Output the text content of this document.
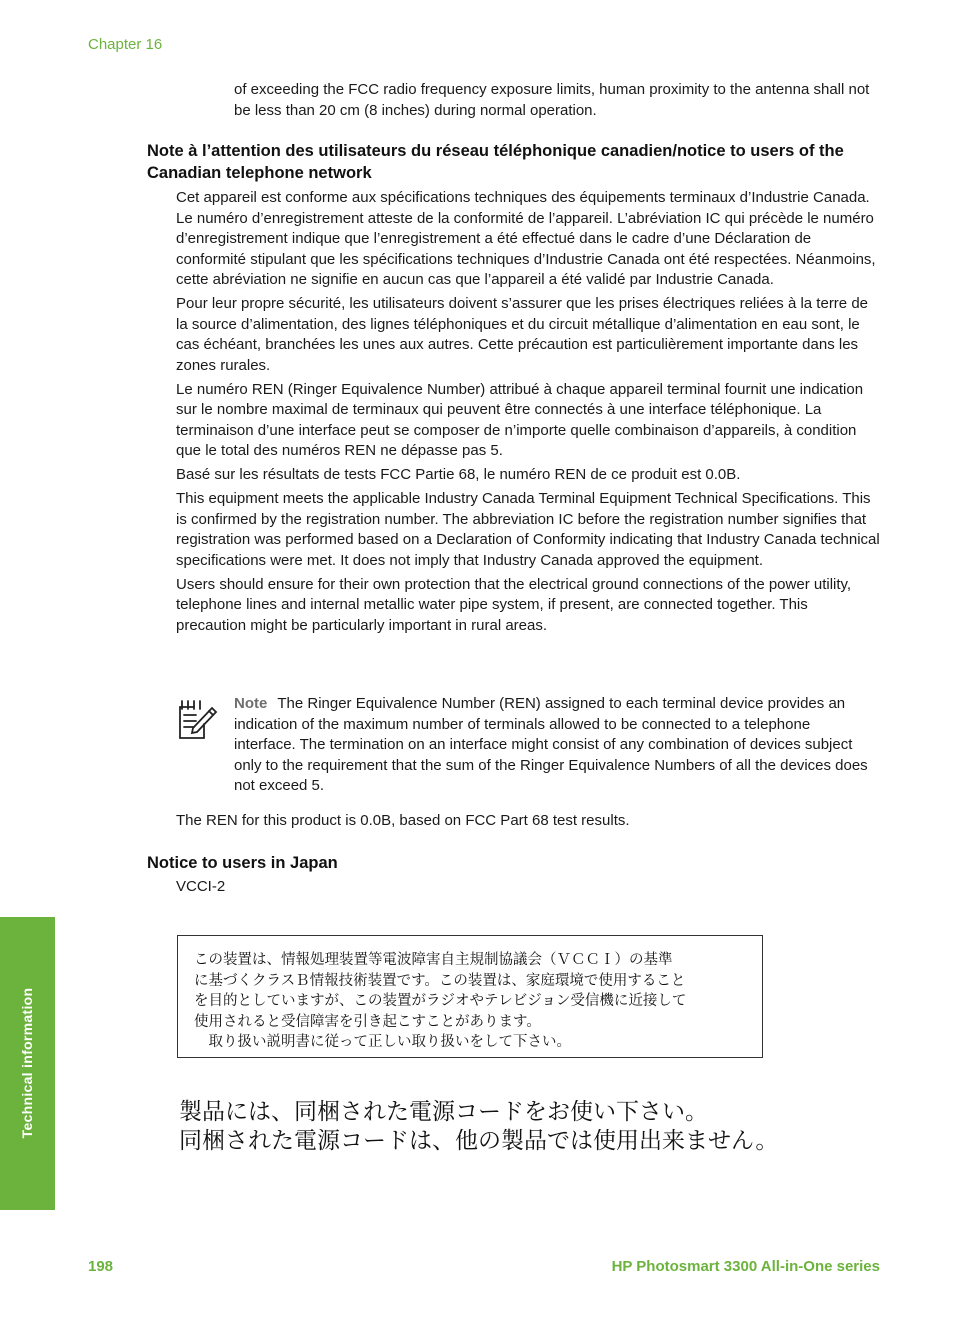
Chapter 16
of exceeding the FCC radio frequency exposure limits, human proximity to the antenna shall not be less than 20 cm (8 inches) during normal operation.
Note à l’attention des utilisateurs du réseau téléphonique canadien/notice to users of the Canadian telephone network

Cet appareil est conforme aux spécifications techniques des équipements terminaux d’Industrie Canada. Le numéro d’enregistrement atteste de la conformité de l’appareil. L’abréviation IC qui précède le numéro d’enregistrement indique que l’enregistrement a été effectué dans le cadre d’une Déclaration de conformité stipulant que les spécifications techniques d’Industrie Canada ont été respectées. Néanmoins, cette abréviation ne signifie en aucun cas que l’appareil a été validé par Industrie Canada.

Pour leur propre sécurité, les utilisateurs doivent s’assurer que les prises électriques reliées à la terre de la source d’alimentation, des lignes téléphoniques et du circuit métallique d’alimentation en eau sont, le cas échéant, branchées les unes aux autres. Cette précaution est particulièrement importante dans les zones rurales.

Le numéro REN (Ringer Equivalence Number) attribué à chaque appareil terminal fournit une indication sur le nombre maximal de terminaux qui peuvent être connectés à une interface téléphonique. La terminaison d’une interface peut se composer de n’importe quelle combinaison d’appareils, à condition que le total des numéros REN ne dépasse pas 5.

Basé sur les résultats de tests FCC Partie 68, le numéro REN de ce produit est 0.0B.

This equipment meets the applicable Industry Canada Terminal Equipment Technical Specifications. This is confirmed by the registration number. The abbreviation IC before the registration number signifies that registration was performed based on a Declaration of Conformity indicating that Industry Canada technical specifications were met. It does not imply that Industry Canada approved the equipment.

Users should ensure for their own protection that the electrical ground connections of the power utility, telephone lines and internal metallic water pipe system, if present, are connected together. This precaution might be particularly important in rural areas.

Note The Ringer Equivalence Number (REN) assigned to each terminal device provides an indication of the maximum number of terminals allowed to be connected to a telephone interface. The termination on an interface might consist of any combination of devices subject only to the requirement that the sum of the Ringer Equivalence Numbers of all the devices does not exceed 5.
The REN for this product is 0.0B, based on FCC Part 68 test results.
Notice to users in Japan
VCCI-2
この装置は、情報処理装置等電波障害自主規制協議会（ＶＣＣＩ）の基準
に基づくクラスＢ情報技術装置です。この装置は、家庭環境で使用すること
を目的としていますが、この装置がラジオやテレビジョン受信機に近接して
使用されると受信障害を引き起こすことがあります。
　取り扱い説明書に従って正しい取り扱いをして下さい。
製品には、同梱された電源コードをお使い下さい。
同梱された電源コードは、他の製品では使用出来ません。
Technical information
198	HP Photosmart 3300 All-in-One series
